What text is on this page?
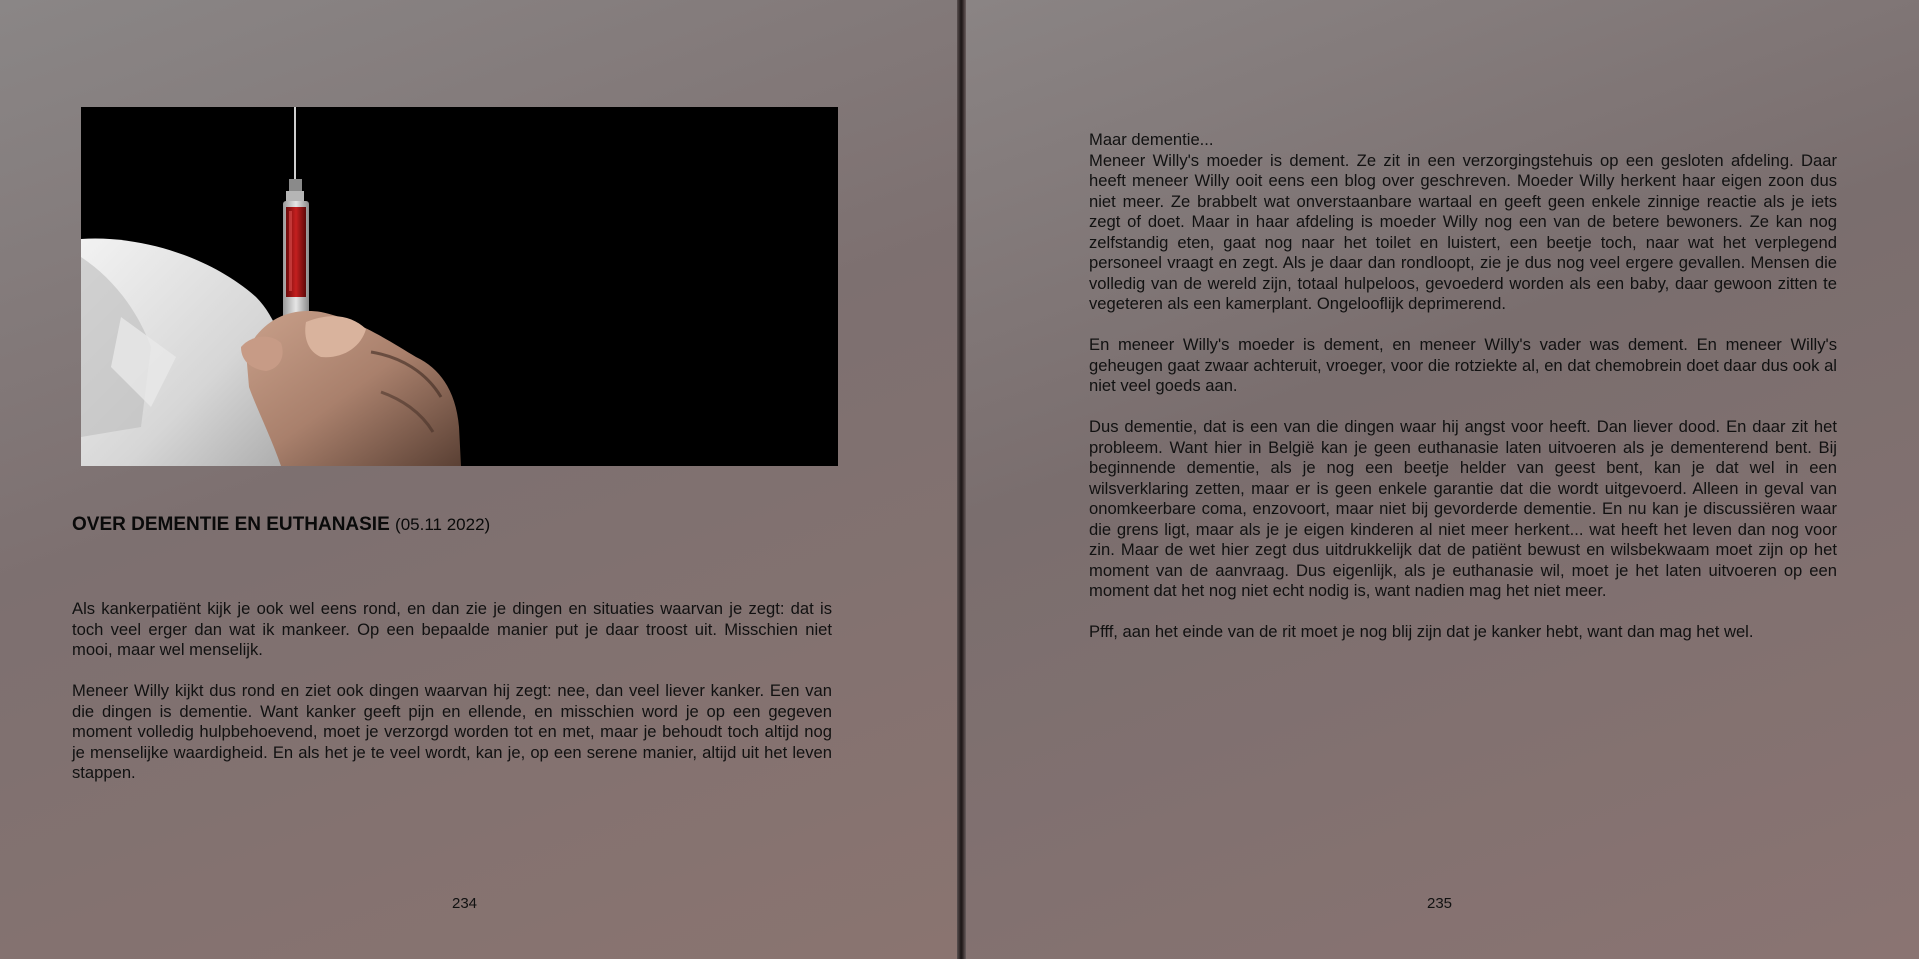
OVER DEMENTIE EN EUTHANASIE (05.11 2022)

Als kankerpatiënt kijk je ook wel eens rond, en dan zie je dingen en situaties waarvan je zegt: dat is toch veel erger dan wat ik mankeer. Op een bepaalde manier put je daar troost uit. Misschien niet mooi, maar wel menselijk.

Meneer Willy kijkt dus rond en ziet ook dingen waarvan hij zegt: nee, dan veel liever kanker. Een van die dingen is dementie. Want kanker geeft pijn en ellende, en misschien word je op een gegeven moment volledig hulpbehoevend, moet je verzorgd worden tot en met, maar je behoudt toch altijd nog je menselijke waardigheid. En als het je te veel wordt, kan je, op een serene manier, altijd uit het leven stappen.

234

Maar dementie...

Meneer Willy's moeder is dement. Ze zit in een verzorgingstehuis op een gesloten afdeling. Daar heeft meneer Willy ooit eens een blog over geschreven. Moeder Willy herkent haar eigen zoon dus niet meer. Ze brabbelt wat onverstaanbare wartaal en geeft geen enkele zinnige reactie als je iets zegt of doet. Maar in haar afdeling is moeder Willy nog een van de betere bewoners. Ze kan nog zelfstandig eten, gaat nog naar het toilet en luistert, een beetje toch, naar wat het verplegend personeel vraagt en zegt. Als je daar dan rondloopt, zie je dus nog veel ergere gevallen. Mensen die volledig van de wereld zijn, totaal hulpeloos, gevoederd worden als een baby, daar gewoon zitten te vegeteren als een kamerplant. Ongelooflijk deprimerend.

En meneer Willy's moeder is dement, en meneer Willy's vader was dement. En meneer Willy's geheugen gaat zwaar achteruit, vroeger, voor die rotziekte al, en dat chemobrein doet daar dus ook al niet veel goeds aan.

Dus dementie, dat is een van die dingen waar hij angst voor heeft. Dan liever dood. En daar zit het probleem. Want hier in België kan je geen euthanasie laten uitvoeren als je dementerend bent. Bij beginnende dementie, als je nog een beetje helder van geest bent, kan je dat wel in een wilsverklaring zetten, maar er is geen enkele garantie dat die wordt uitgevoerd. Alleen in geval van onomkeerbare coma, enzovoort, maar niet bij gevorderde dementie. En nu kan je discussiëren waar die grens ligt, maar als je je eigen kinderen al niet meer herkent... wat heeft het leven dan nog voor zin. Maar de wet hier zegt dus uitdrukkelijk dat de patiënt bewust en wilsbekwaam moet zijn op het moment van de aanvraag. Dus eigenlijk, als je euthanasie wil, moet je het laten uitvoeren op een moment dat het nog niet echt nodig is, want nadien mag het niet meer.

Pfff, aan het einde van de rit moet je nog blij zijn dat je kanker hebt, want dan mag het wel.

235
